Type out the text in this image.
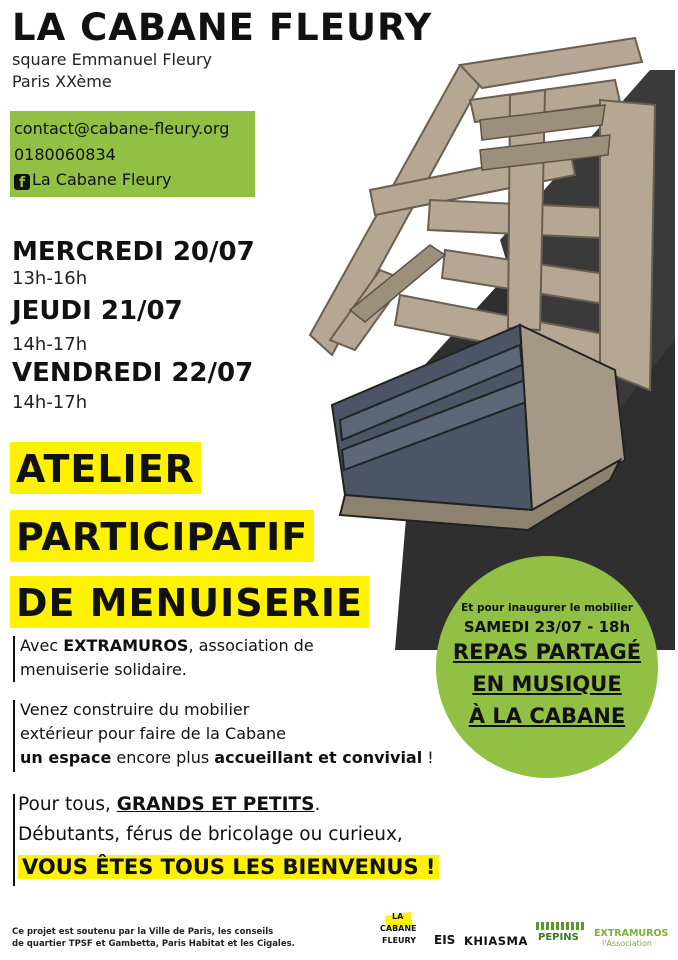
LA CABANE FLEURY
square Emmanuel Fleury
Paris XXème
contact@cabane-fleury.org
0180060834
f La Cabane Fleury
MERCREDI 20/07
13h-16h
JEUDI 21/07
14h-17h
VENDREDI 22/07
14h-17h
ATELIER
PARTICIPATIF
DE MENUISERIE
Avec EXTRAMUROS, association de
menuiserie solidaire.
Venez construire du mobilier
extérieur pour faire de la Cabane
un espace encore plus accueillant et convivial !
Pour tous, GRANDS ET PETITS.
Débutants, férus de bricolage ou curieux,
VOUS ÊTES TOUS LES BIENVENUS !
Et pour inaugurer le mobilier
SAMEDI 23/07 - 18h
REPAS PARTAGÉ
EN MUSIQUE
À LA CABANE
Ce projet est soutenu par la Ville de Paris, les conseils
de quartier TPSF et Gambetta, Paris Habitat et les Cigales.
LA
CABANE
FLEURY EIS KHIASMA PEPINS EXTRAMUROS
l'Association
